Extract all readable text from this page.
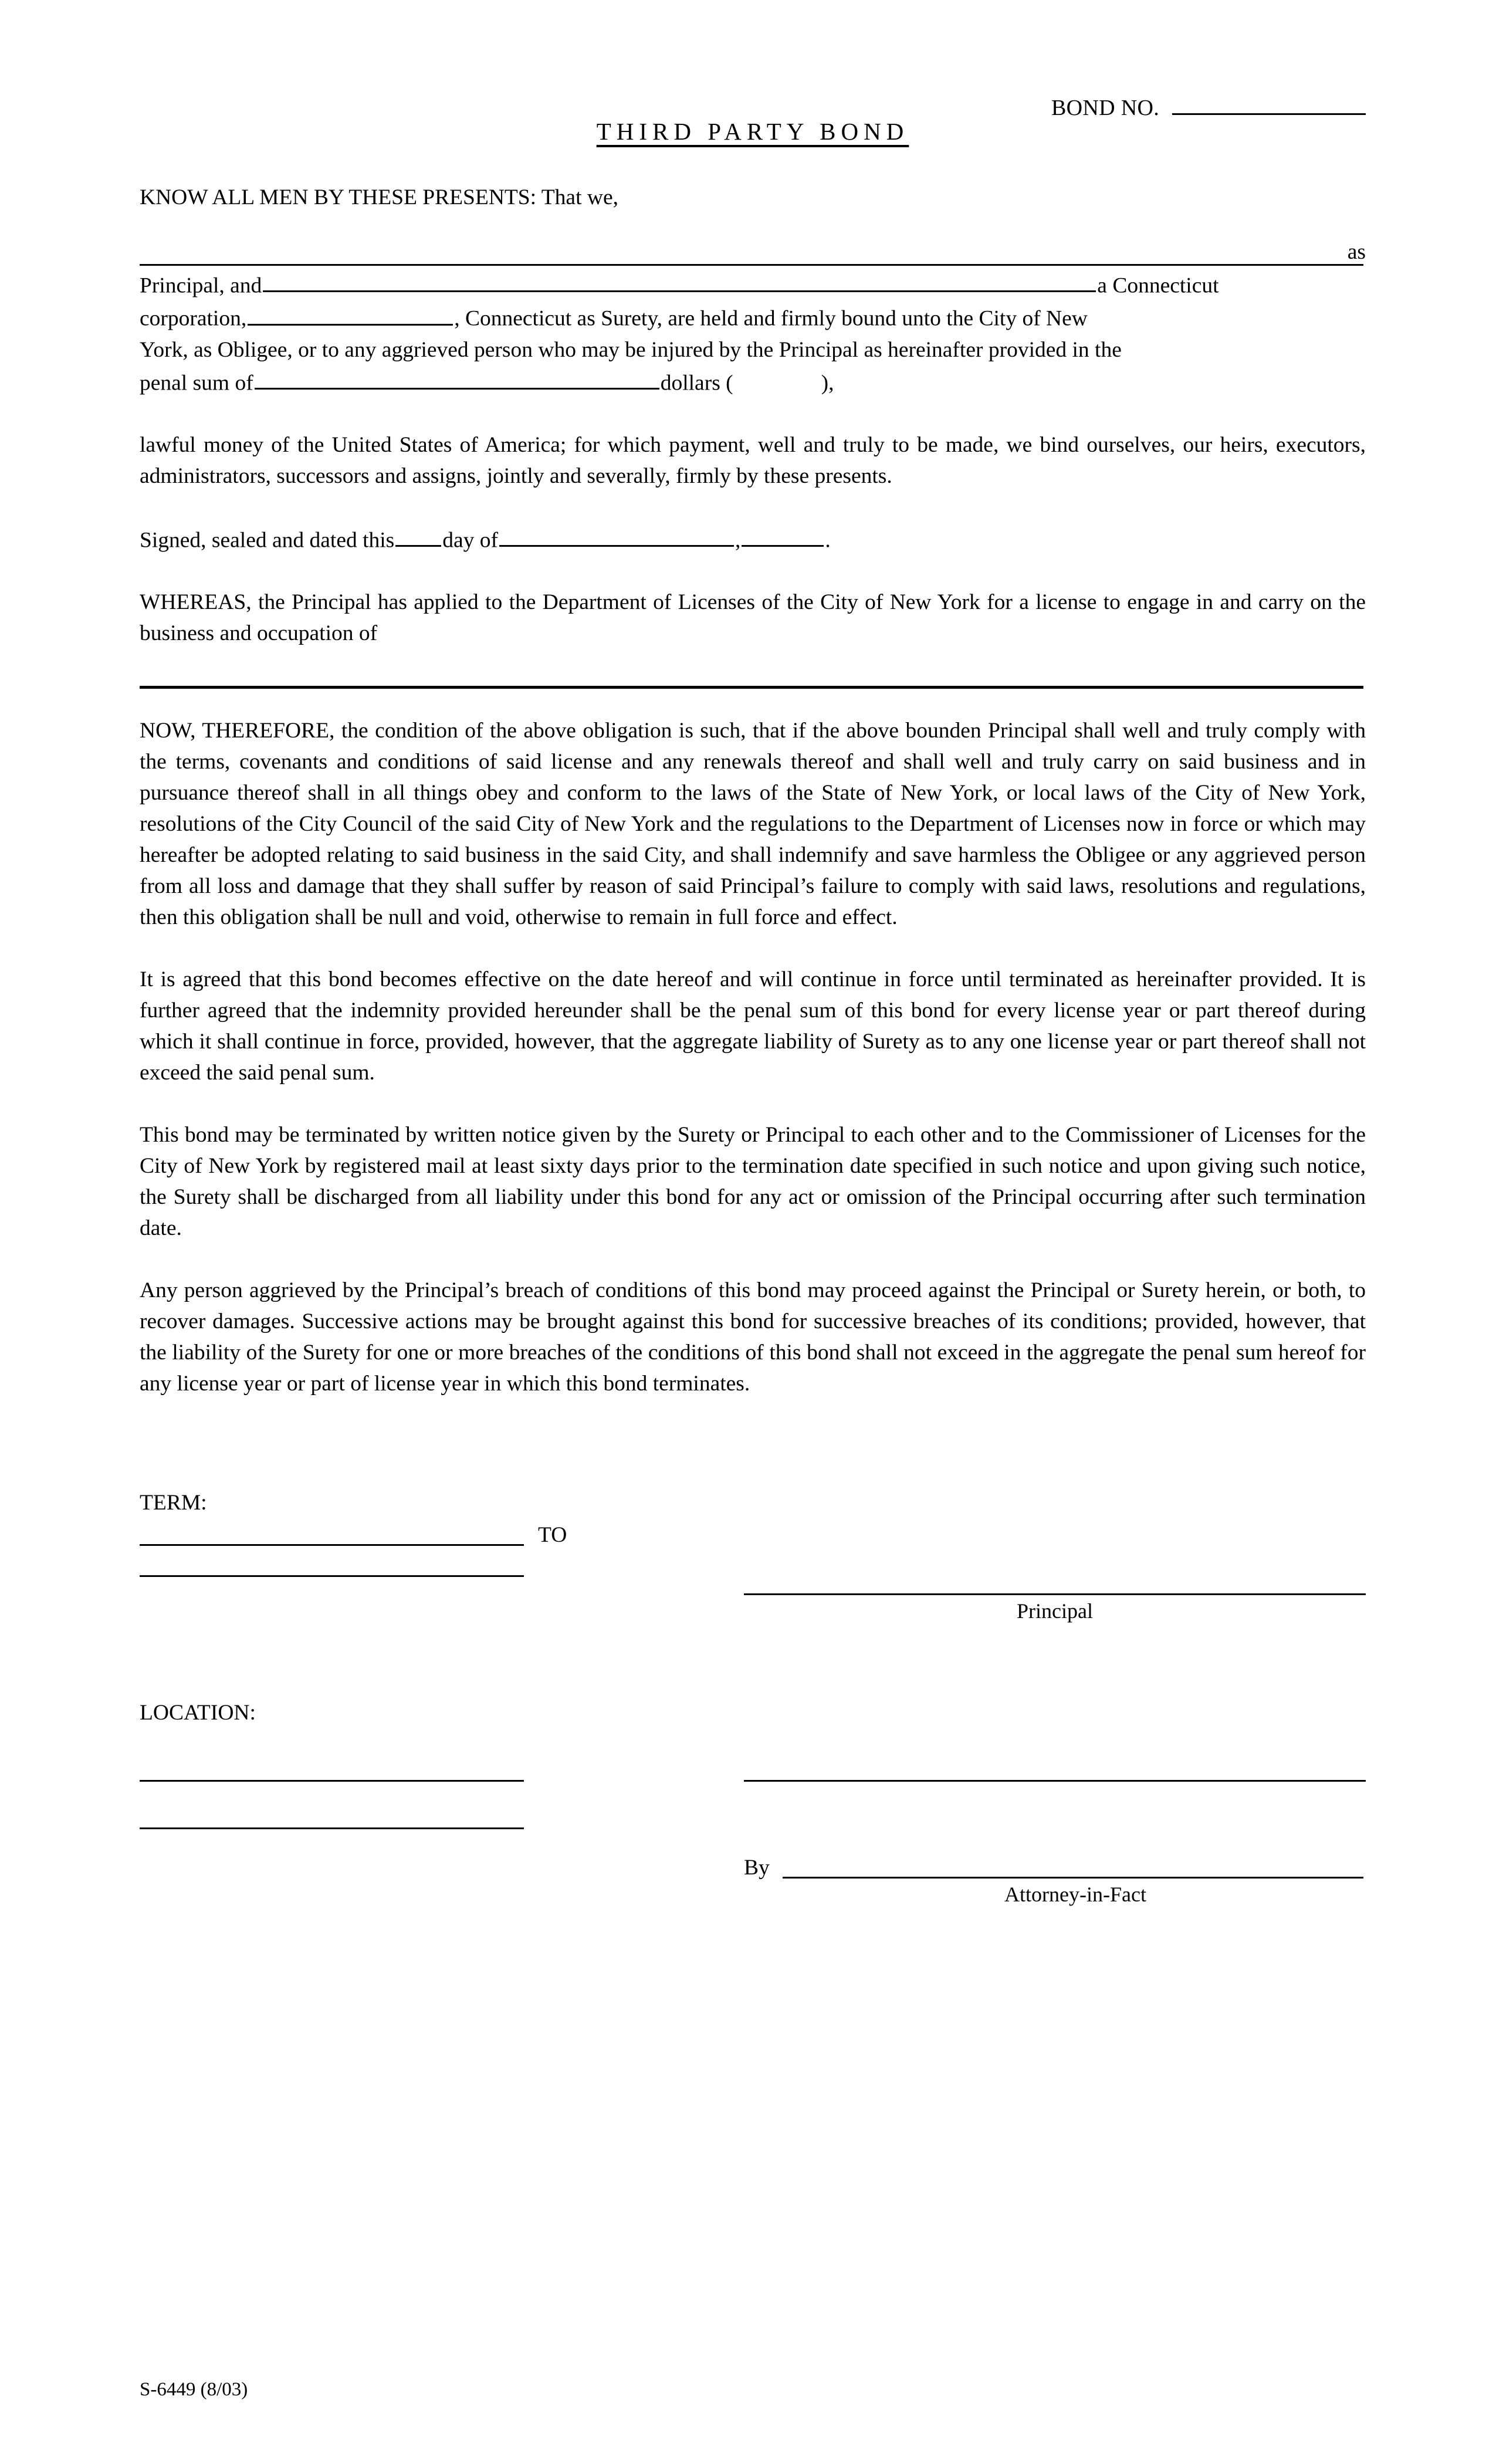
BOND NO.
THIRD PARTY BOND

KNOW ALL MEN BY THESE PRESENTS: That we,

as

Principal, and	a Connecticut

corporation,	, Connecticut as Surety, are held and firmly bound unto the City of New

York, as Obligee, or to any aggrieved person who may be injured by the Principal as hereinafter provided in the

penal sum of	dollars (	),

lawful money of the United States of America; for which payment, well and truly to be made, we bind ourselves, our heirs, executors, administrators, successors and assigns, jointly and severally, firmly by these presents.

Signed, sealed and dated this day of	,	.

WHEREAS, the Principal has applied to the Department of Licenses of the City of New York for a license to engage in and carry on the business and occupation of

NOW, THEREFORE, the condition of the above obligation is such, that if the above bounden Principal shall well and truly comply with the terms, covenants and conditions of said license and any renewals thereof and shall well and truly carry on said business and in pursuance thereof shall in all things obey and conform to the laws of the State of New York, or local laws of the City of New York, resolutions of the City Council of the said City of New York and the regulations to the Department of Licenses now in force or which may hereafter be adopted relating to said business in the said City, and shall indemnify and save harmless the Obligee or any aggrieved person from all loss and damage that they shall suffer by reason of said Principal’s failure to comply with said laws, resolutions and regulations, then this obligation shall be null and void, otherwise to remain in full force and effect.

It is agreed that this bond becomes effective on the date hereof and will continue in force until terminated as hereinafter provided. It is further agreed that the indemnity provided hereunder shall be the penal sum of this bond for every license year or part thereof during which it shall continue in force, provided, however, that the aggregate liability of Surety as to any one license year or part thereof shall not exceed the said penal sum.

This bond may be terminated by written notice given by the Surety or Principal to each other and to the Commissioner of Licenses for the City of New York by registered mail at least sixty days prior to the termination date specified in such notice and upon giving such notice, the Surety shall be discharged from all liability under this bond for any act or omission of the Principal occurring after such termination date.

Any person aggrieved by the Principal’s breach of conditions of this bond may proceed against the Principal or Surety herein, or both, to recover damages. Successive actions may be brought against this bond for successive breaches of its conditions; provided, however, that the liability of the Surety for one or more breaches of the conditions of this bond shall not exceed in the aggregate the penal sum hereof for any license year or part of license year in which this bond terminates.

TERM:
TO
Principal
LOCATION:
By
Attorney-in-Fact
S-6449 (8/03)
